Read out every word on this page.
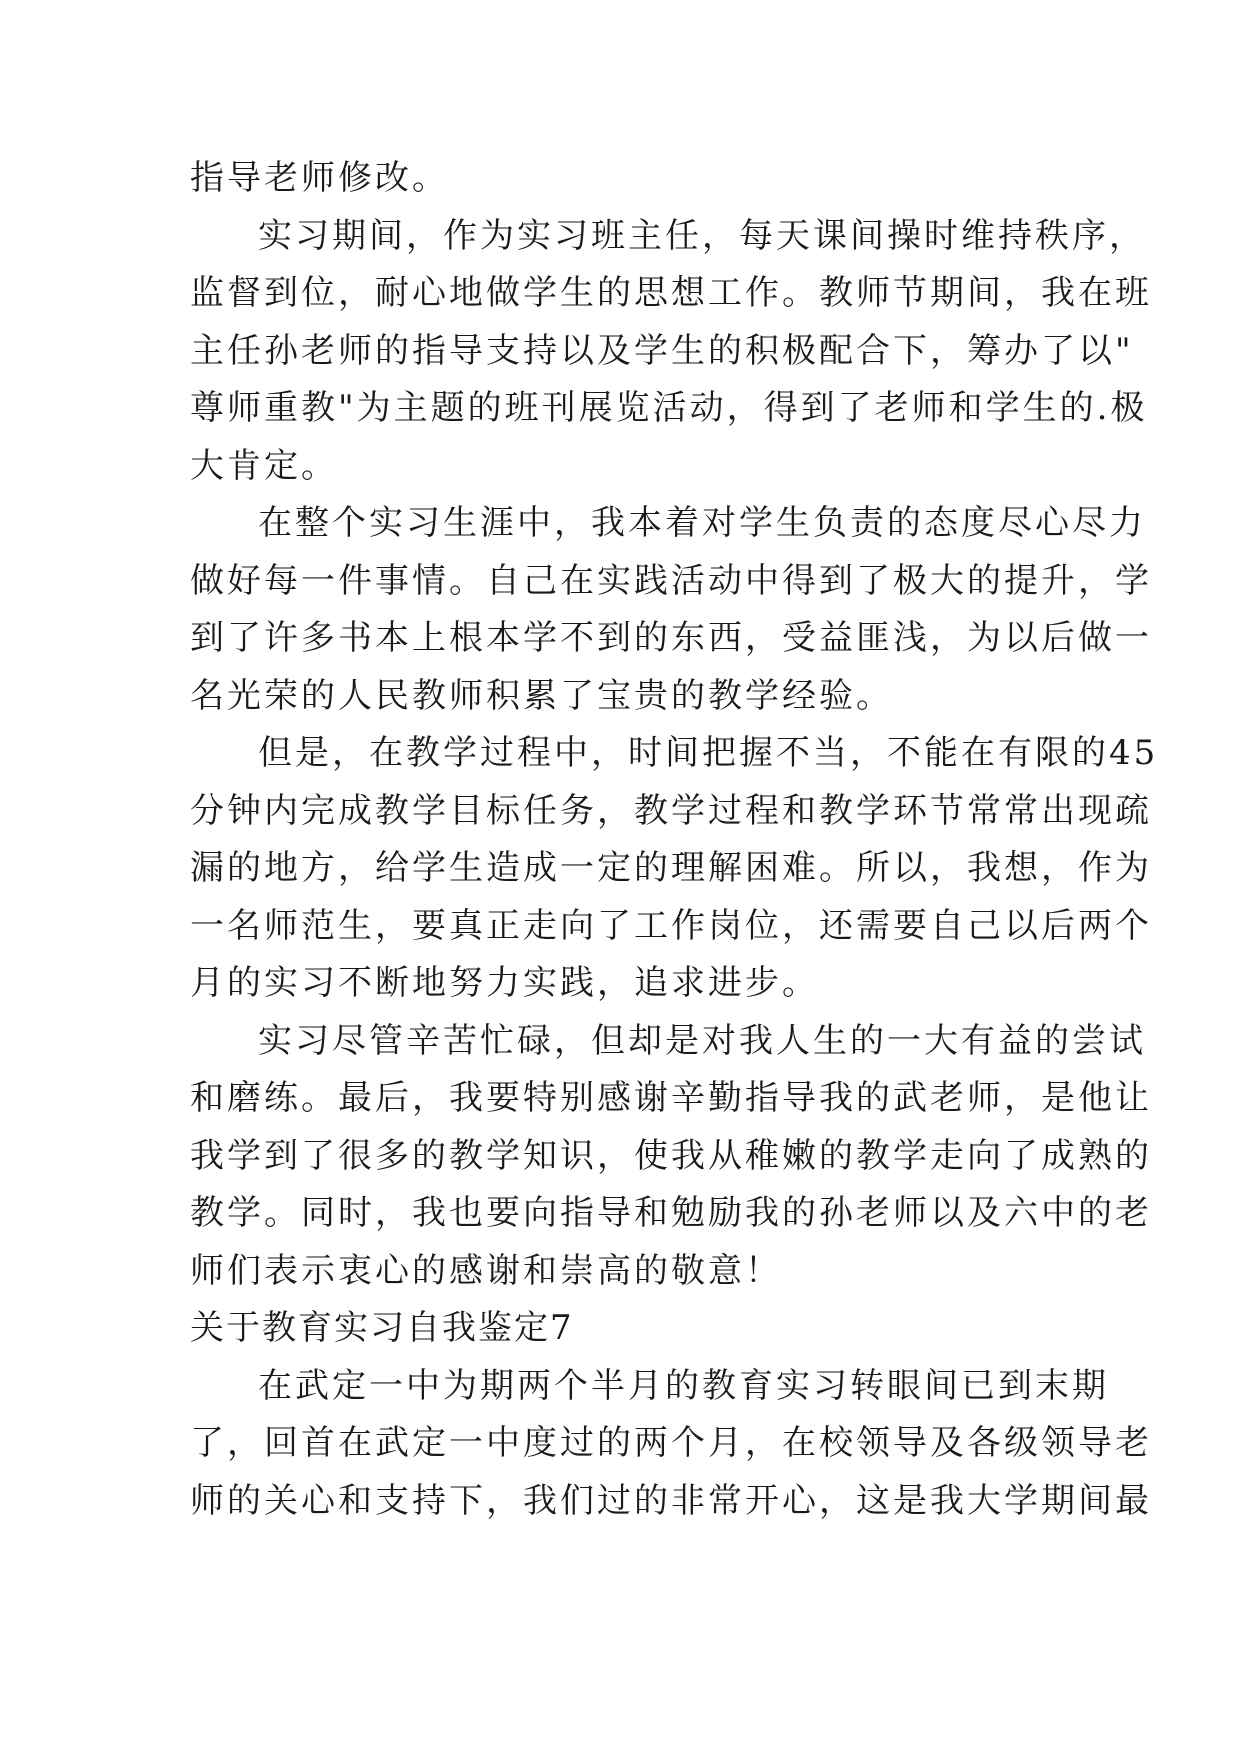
指导老师修改。
实习期间，作为实习班主任，每天课间操时维持秩序，
监督到位，耐心地做学生的思想工作。教师节期间，我在班
主任孙老师的指导支持以及学生的积极配合下，筹办了以"
尊师重教"为主题的班刊展览活动，得到了老师和学生的.极
大肯定。
在整个实习生涯中，我本着对学生负责的态度尽心尽力
做好每一件事情。自己在实践活动中得到了极大的提升，学
到了许多书本上根本学不到的东西，受益匪浅，为以后做一
名光荣的人民教师积累了宝贵的教学经验。
但是，在教学过程中，时间把握不当，不能在有限的45
分钟内完成教学目标任务，教学过程和教学环节常常出现疏
漏的地方，给学生造成一定的理解困难。所以，我想，作为
一名师范生，要真正走向了工作岗位，还需要自己以后两个
月的实习不断地努力实践，追求进步。
实习尽管辛苦忙碌，但却是对我人生的一大有益的尝试
和磨练。最后，我要特别感谢辛勤指导我的武老师，是他让
我学到了很多的教学知识，使我从稚嫩的教学走向了成熟的
教学。同时，我也要向指导和勉励我的孙老师以及六中的老
师们表示衷心的感谢和崇高的敬意！
关于教育实习自我鉴定7
在武定一中为期两个半月的教育实习转眼间已到末期
了，回首在武定一中度过的两个月，在校领导及各级领导老
师的关心和支持下，我们过的非常开心，这是我大学期间最
